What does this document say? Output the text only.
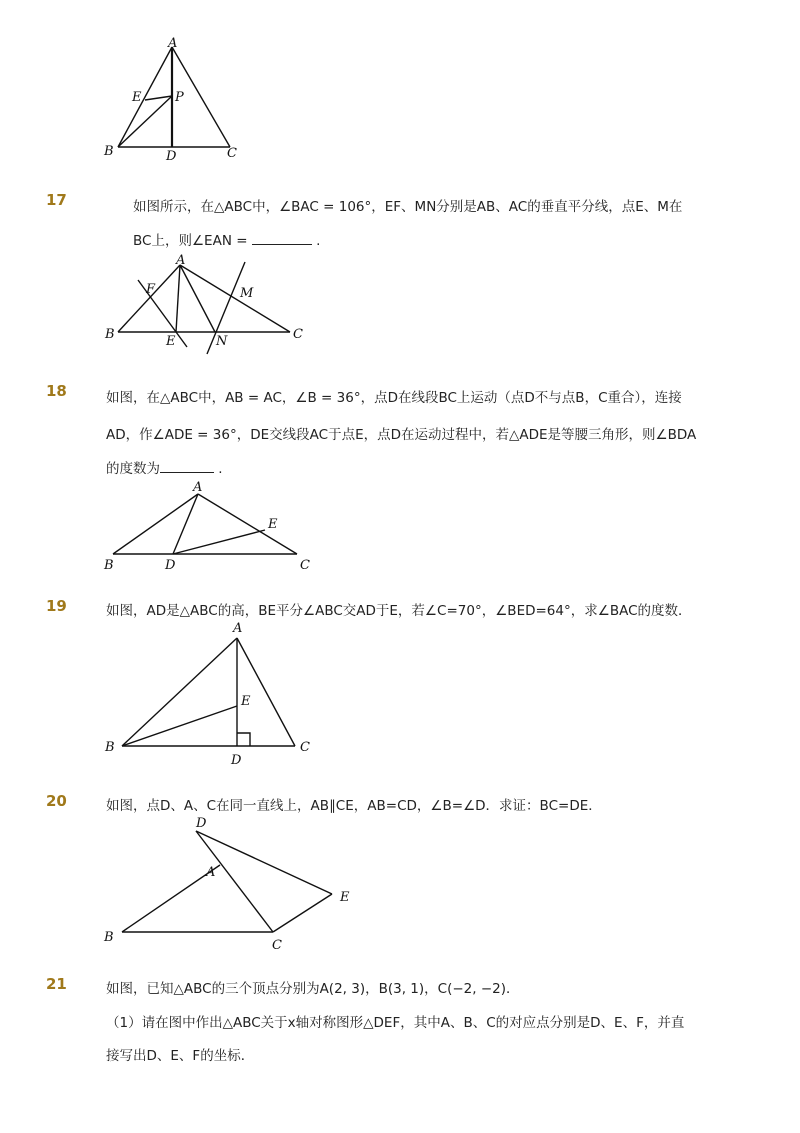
A
E	P
B	D	C
17	如图所示，在△ABC中，∠BAC = 106°，EF、MN分别是AB、AC的垂直平分线，点E、M在
BC上，则∠EAN =	.
A
F	M
B	E	N	C
18	如图，在△ABC中，AB = AC，∠B = 36°，点D在线段BC上运动（点D不与点B，C重合），连接
AD，作∠ADE = 36°，DE交线段AC于点E，点D在运动过程中，若△ADE是等腰三角形，则∠BDA
的度数为	.
A
E
B	D	C
19	如图，AD是△ABC的高，BE平分∠ABC交AD于E，若∠C=70°，∠BED=64°，求∠BAC的度数．
A
E
B
D
C
20	如图，点D、A、C在同一直线上，AB∥CE，AB=CD，∠B=∠D．求证：BC=DE．
D
A
E
B
C
21	如图，已知△ABC的三个顶点分别为A(2, 3)，B(3, 1)，C(−2, −2)．
（1）请在图中作出△ABC关于x轴对称图形△DEF，其中A、B、C的对应点分别是D、E、F，并直
接写出D、E、F的坐标．
